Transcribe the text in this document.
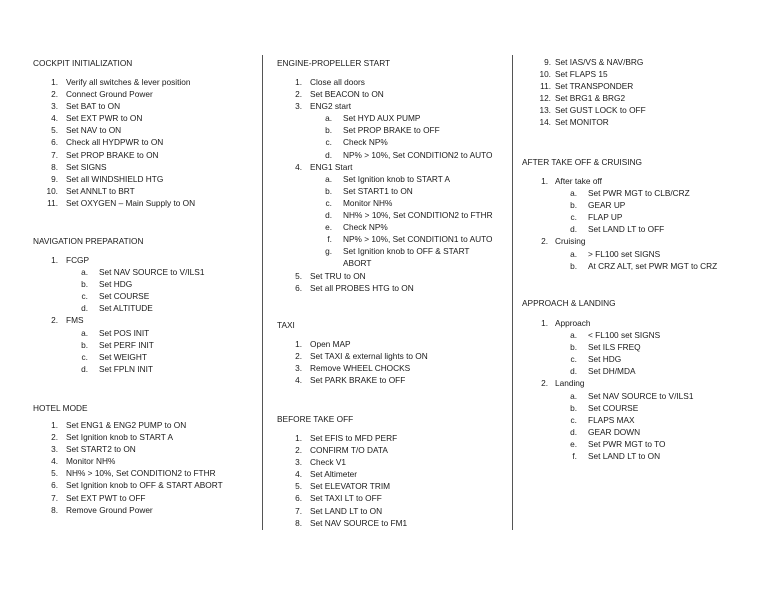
COCKPIT INITIALIZATION
1. Verify all switches & lever position
2. Connect Ground Power
3. Set BAT to ON
4. Set EXT PWR to ON
5. Set NAV to ON
6. Check all HYDPWR to ON
7. Set PROP BRAKE to ON
8. Set SIGNS
9. Set all WINDSHIELD HTG
10. Set ANNLT to BRT
11. Set OXYGEN – Main Supply to ON
NAVIGATION PREPARATION
1. FCGP
a. Set NAV SOURCE to V/ILS1
b. Set HDG
c. Set COURSE
d. Set ALTITUDE
2. FMS
a. Set POS INIT
b. Set PERF INIT
c. Set WEIGHT
d. Set FPLN INIT
HOTEL MODE
1. Set ENG1 & ENG2 PUMP to ON
2. Set Ignition knob to START A
3. Set START2 to ON
4. Monitor NH%
5. NH% > 10%, Set CONDITION2 to FTHR
6. Set Ignition knob to OFF & START ABORT
7. Set EXT PWT to OFF
8. Remove Ground Power
ENGINE-PROPELLER START
1. Close all doors
2. Set BEACON to ON
3. ENG2 start
a. Set HYD AUX PUMP
b. Set PROP BRAKE to OFF
c. Check NP%
d. NP% > 10%, Set CONDITION2 to AUTO
4. ENG1 Start
a. Set Ignition knob to START A
b. Set START1 to ON
c. Monitor NH%
d. NH% > 10%, Set CONDITION2 to FTHR
e. Check NP%
f. NP% > 10%, Set CONDITION1 to AUTO
g. Set Ignition knob to OFF & START
ABORT
5. Set TRU to ON
6. Set all PROBES HTG to ON
TAXI
1. Open MAP
2. Set TAXI & external lights to ON
3. Remove WHEEL CHOCKS
4. Set PARK BRAKE to OFF
BEFORE TAKE OFF
1. Set EFIS to MFD PERF
2. CONFIRM T/O DATA
3. Check V1
4. Set Altimeter
5. Set ELEVATOR TRIM
6. Set TAXI LT to OFF
7. Set LAND LT to ON
8. Set NAV SOURCE to FM1
9. Set IAS/VS & NAV/BRG
10. Set FLAPS 15
11. Set TRANSPONDER
12. Set BRG1 & BRG2
13. Set GUST LOCK to OFF
14. Set MONITOR
AFTER TAKE OFF & CRUISING
1. After take off
a. Set PWR MGT to CLB/CRZ
b. GEAR UP
c. FLAP UP
d. Set LAND LT to OFF
2. Cruising
a. > FL100 set SIGNS
b. At CRZ ALT, set PWR MGT to CRZ
APPROACH & LANDING
1. Approach
a. < FL100 set SIGNS
b. Set ILS FREQ
c. Set HDG
d. Set DH/MDA
2. Landing
a. Set NAV SOURCE to V/ILS1
b. Set COURSE
c. FLAPS MAX
d. GEAR DOWN
e. Set PWR MGT to TO
f. Set LAND LT to ON
